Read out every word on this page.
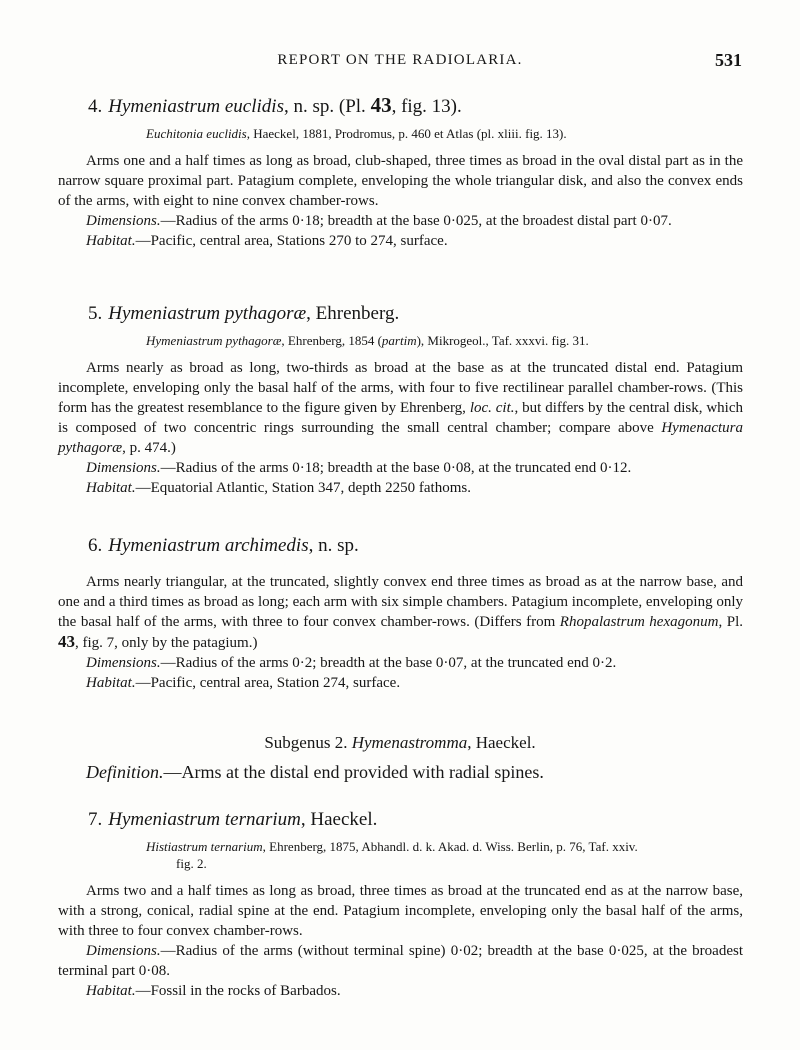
REPORT ON THE RADIOLARIA.	531
4. Hymeniastrum euclidis, n. sp. (Pl. 43, fig. 13).
Euchitonia euclidis, Haeckel, 1881, Prodromus, p. 460 et Atlas (pl. xliii. fig. 13).

Arms one and a half times as long as broad, club-shaped, three times as broad in the oval distal part as in the narrow square proximal part. Patagium complete, enveloping the whole triangular disk, and also the convex ends of the arms, with eight to nine convex chamber-rows.

Dimensions.—Radius of the arms 0·18; breadth at the base 0·025, at the broadest distal part 0·07.

Habitat.—Pacific, central area, Stations 270 to 274, surface.

5. Hymeniastrum pythagoræ, Ehrenberg.
Hymeniastrum pythagoræ, Ehrenberg, 1854 (partim), Mikrogeol., Taf. xxxvi. fig. 31.

Arms nearly as broad as long, two-thirds as broad at the base as at the truncated distal end. Patagium incomplete, enveloping only the basal half of the arms, with four to five rectilinear parallel chamber-rows. (This form has the greatest resemblance to the figure given by Ehrenberg, loc. cit., but differs by the central disk, which is composed of two concentric rings surrounding the small central chamber; compare above Hymenactura pythagoræ, p. 474.)

Dimensions.—Radius of the arms 0·18; breadth at the base 0·08, at the truncated end 0·12.

Habitat.—Equatorial Atlantic, Station 347, depth 2250 fathoms.

6. Hymeniastrum archimedis, n. sp.

Arms nearly triangular, at the truncated, slightly convex end three times as broad as at the narrow base, and one and a third times as broad as long; each arm with six simple chambers. Patagium incomplete, enveloping only the basal half of the arms, with three to four convex chamber-rows. (Differs from Rhopalastrum hexagonum, Pl. 43, fig. 7, only by the patagium.)

Dimensions.—Radius of the arms 0·2; breadth at the base 0·07, at the truncated end 0·2.

Habitat.—Pacific, central area, Station 274, surface.

Subgenus 2. Hymenastromma, Haeckel.
Definition.—Arms at the distal end provided with radial spines.
7. Hymeniastrum ternarium, Haeckel.
Histiastrum ternarium, Ehrenberg, 1875, Abhandl. d. k. Akad. d. Wiss. Berlin, p. 76, Taf. xxiv.
fig. 2.

Arms two and a half times as long as broad, three times as broad at the truncated end as at the narrow base, with a strong, conical, radial spine at the end. Patagium incomplete, enveloping only the basal half of the arms, with three to four convex chamber-rows.

Dimensions.—Radius of the arms (without terminal spine) 0·02; breadth at the base 0·025, at the broadest terminal part 0·08.

Habitat.—Fossil in the rocks of Barbados.
